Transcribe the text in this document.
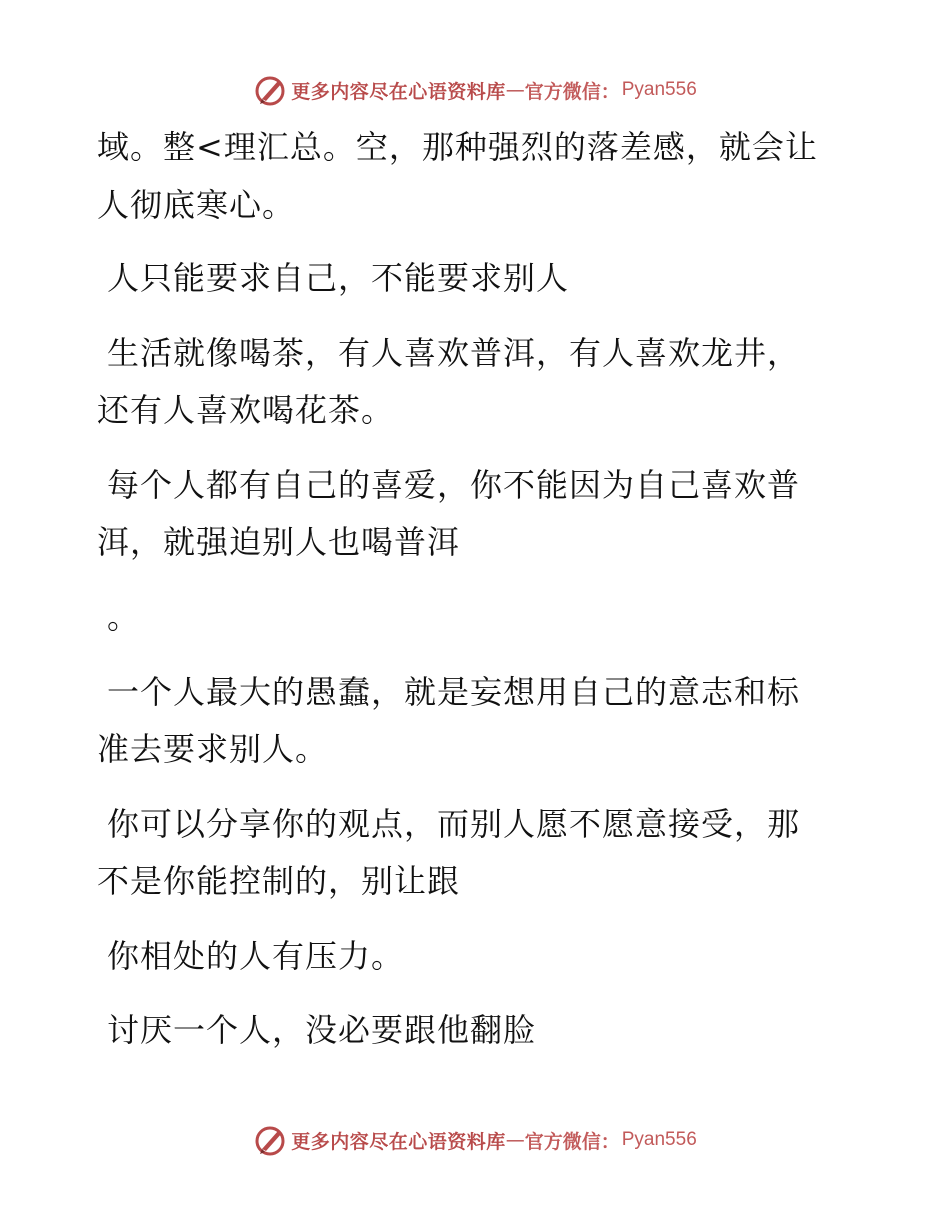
更多内容尽在心语资料库 — 官方微信： Pyan556
域。整<理汇总。空，那种强烈的落差感，就会让
人彻底寒心。
人只能要求自己，不能要求别人
生活就像喝茶，有人喜欢普洱，有人喜欢龙井，
还有人喜欢喝花茶。
每个人都有自己的喜爱，你不能因为自己喜欢普
洱，就强迫别人也喝普洱
。
一个人最大的愚蠢，就是妄想用自己的意志和标
准去要求别人。
你可以分享你的观点，而别人愿不愿意接受，那
不是你能控制的，别让跟
你相处的人有压力。
讨厌一个人，没必要跟他翻脸
更多内容尽在心语资料库 — 官方微信： Pyan556
